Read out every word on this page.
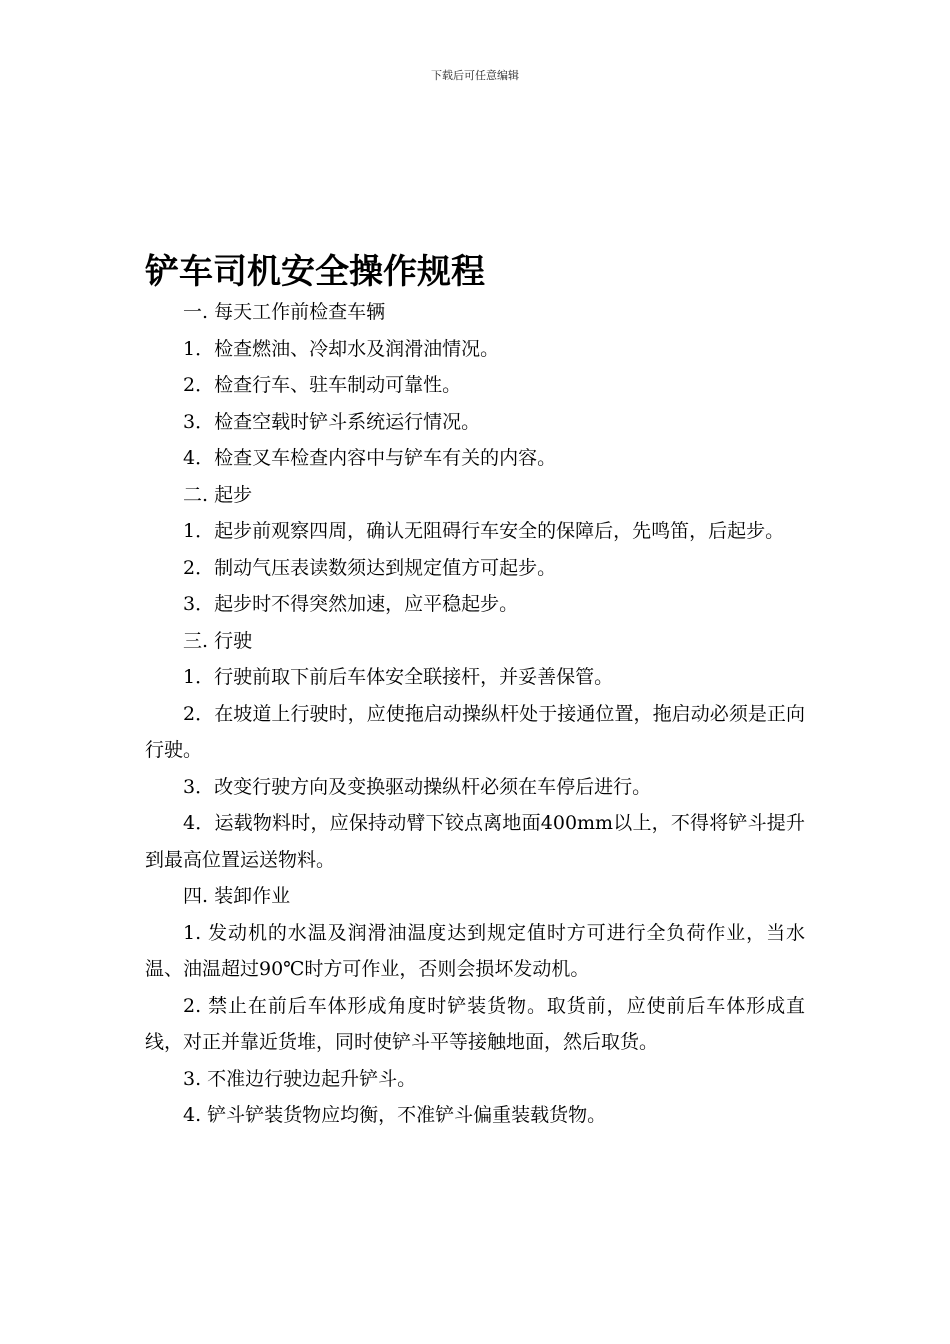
下载后可任意编辑
铲车司机安全操作规程

一. 每天工作前检查车辆

1．检查燃油、冷却水及润滑油情况。

2．检查行车、驻车制动可靠性。

3．检查空载时铲斗系统运行情况。

4．检查叉车检查内容中与铲车有关的内容。

二. 起步

1．起步前观察四周，确认无阻碍行车安全的保障后，先鸣笛，后起步。

2．制动气压表读数须达到规定值方可起步。

3．起步时不得突然加速，应平稳起步。

三. 行驶

1．行驶前取下前后车体安全联接杆，并妥善保管。

2．在坡道上行驶时，应使拖启动操纵杆处于接通位置，拖启动必须是正向行驶。

3．改变行驶方向及变换驱动操纵杆必须在车停后进行。

4．运载物料时，应保持动臂下铰点离地面400mm以上，不得将铲斗提升到最高位置运送物料。

四. 装卸作业

1. 发动机的水温及润滑油温度达到规定值时方可进行全负荷作业，当水温、油温超过90℃时方可作业，否则会损坏发动机。

2. 禁止在前后车体形成角度时铲装货物。取货前，应使前后车体形成直线，对正并靠近货堆，同时使铲斗平等接触地面，然后取货。

3. 不准边行驶边起升铲斗。

4. 铲斗铲装货物应均衡，不准铲斗偏重装载货物。
